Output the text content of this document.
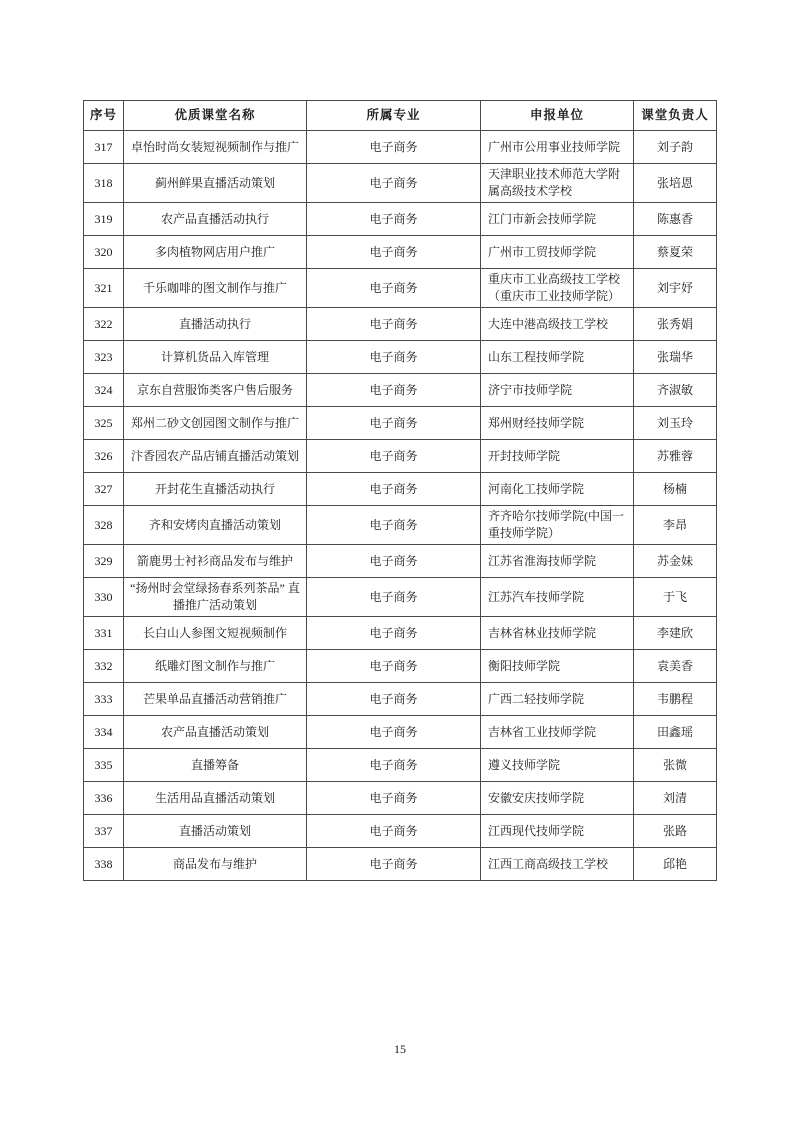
序号	优质课堂名称	所属专业	申报单位	课堂负责人
317	卓怡时尚女装短视频制作与推广	电子商务	广州市公用事业技师学院	刘子韵
318	蓟州鲜果直播活动策划	电子商务	天津职业技术师范大学附属高级技术学校	张培恩
319	农产品直播活动执行	电子商务	江门市新会技师学院	陈惠香
320	多肉植物网店用户推广	电子商务	广州市工贸技师学院	蔡夏荣
321	千乐咖啡的图文制作与推广	电子商务	重庆市工业高级技工学校（重庆市工业技师学院）	刘宇妤
322	直播活动执行	电子商务	大连中港高级技工学校	张秀娟
323	计算机货品入库管理	电子商务	山东工程技师学院	张瑞华
324	京东自营服饰类客户售后服务	电子商务	济宁市技师学院	齐淑敏
325	郑州二砂文创园图文制作与推广	电子商务	郑州财经技师学院	刘玉玲
326	汴香园农产品店铺直播活动策划	电子商务	开封技师学院	苏雅蓉
327	开封花生直播活动执行	电子商务	河南化工技师学院	杨楠
328	齐和安烤肉直播活动策划	电子商务	齐齐哈尔技师学院(中国一重技师学院）	李昂
329	箭鹿男士衬衫商品发布与维护	电子商务	江苏省淮海技师学院	苏金妹
330	“扬州时会堂绿扬春系列茶品” 直播推广活动策划	电子商务	江苏汽车技师学院	于飞
331	长白山人参图文短视频制作	电子商务	吉林省林业技师学院	李建欣
332	纸雕灯图文制作与推广	电子商务	衡阳技师学院	袁美香
333	芒果单品直播活动营销推广	电子商务	广西二轻技师学院	韦鹏程
334	农产品直播活动策划	电子商务	吉林省工业技师学院	田鑫瑶
335	直播筹备	电子商务	遵义技师学院	张微
336	生活用品直播活动策划	电子商务	安徽安庆技师学院	刘清
337	直播活动策划	电子商务	江西现代技师学院	张路
338	商品发布与维护	电子商务	江西工商高级技工学校	邱艳
15
